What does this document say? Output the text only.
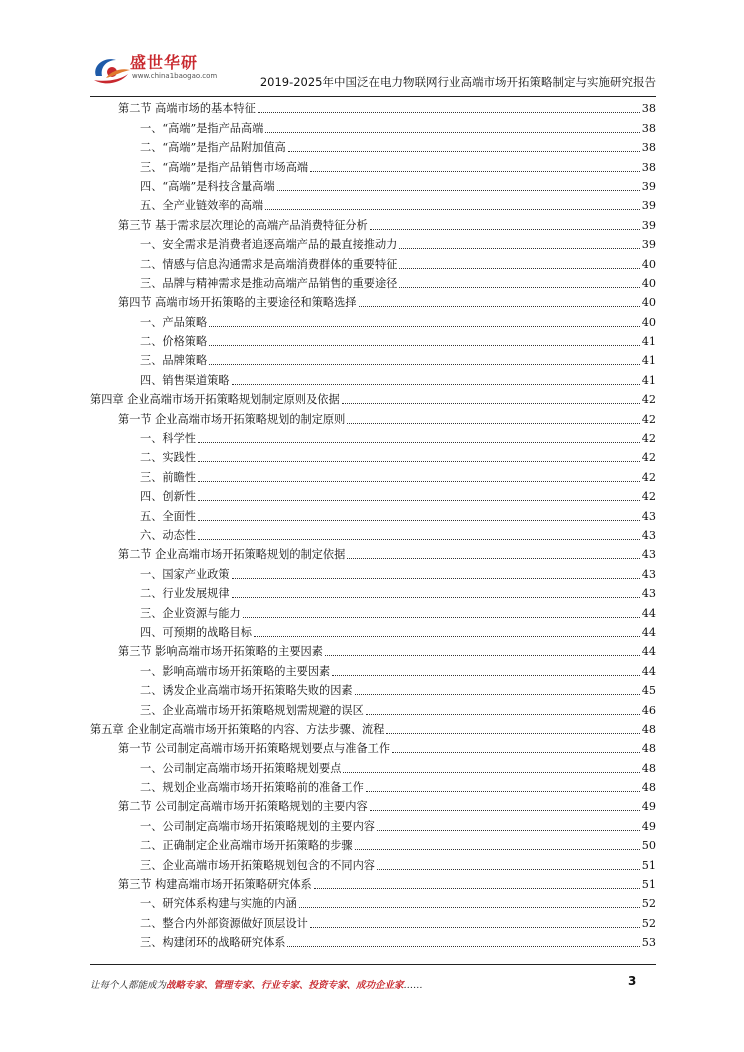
盛世华研
www.china1baogao.com	2019-2025年中国泛在电力物联网行业高端市场开拓策略制定与实施研究报告
第二节 高端市场的基本特征	38
一、“高端”是指产品高端	38
二、“高端”是指产品附加值高	38
三、“高端”是指产品销售市场高端	38
四、“高端”是科技含量高端	39
五、全产业链效率的高端	39
第三节 基于需求层次理论的高端产品消费特征分析	39
一、安全需求是消费者追逐高端产品的最直接推动力	39
二、情感与信息沟通需求是高端消费群体的重要特征	40
三、品牌与精神需求是推动高端产品销售的重要途径	40
第四节 高端市场开拓策略的主要途径和策略选择	40
一、产品策略	40
二、价格策略	41
三、品牌策略	41
四、销售渠道策略	41
第四章 企业高端市场开拓策略规划制定原则及依据	42
第一节 企业高端市场开拓策略规划的制定原则	42
一、科学性	42
二、实践性	42
三、前瞻性	42
四、创新性	42
五、全面性	43
六、动态性	43
第二节 企业高端市场开拓策略规划的制定依据	43
一、国家产业政策	43
二、行业发展规律	43
三、企业资源与能力	44
四、可预期的战略目标	44
第三节 影响高端市场开拓策略的主要因素	44
一、影响高端市场开拓策略的主要因素	44
二、诱发企业高端市场开拓策略失败的因素	45
三、企业高端市场开拓策略规划需规避的误区	46
第五章 企业制定高端市场开拓策略的内容、方法步骤、流程	48
第一节 公司制定高端市场开拓策略规划要点与准备工作	48
一、公司制定高端市场开拓策略规划要点	48
二、规划企业高端市场开拓策略前的准备工作	48
第二节 公司制定高端市场开拓策略规划的主要内容	49
一、公司制定高端市场开拓策略规划的主要内容	49
二、正确制定企业高端市场开拓策略的步骤	50
三、企业高端市场开拓策略规划包含的不同内容	51
第三节 构建高端市场开拓策略研究体系	51
一、研究体系构建与实施的内涵	52
二、整合内外部资源做好顶层设计	52
三、构建闭环的战略研究体系	53
让每个人都能成为战略专家、管理专家、行业专家、投资专家、成功企业家……	3
